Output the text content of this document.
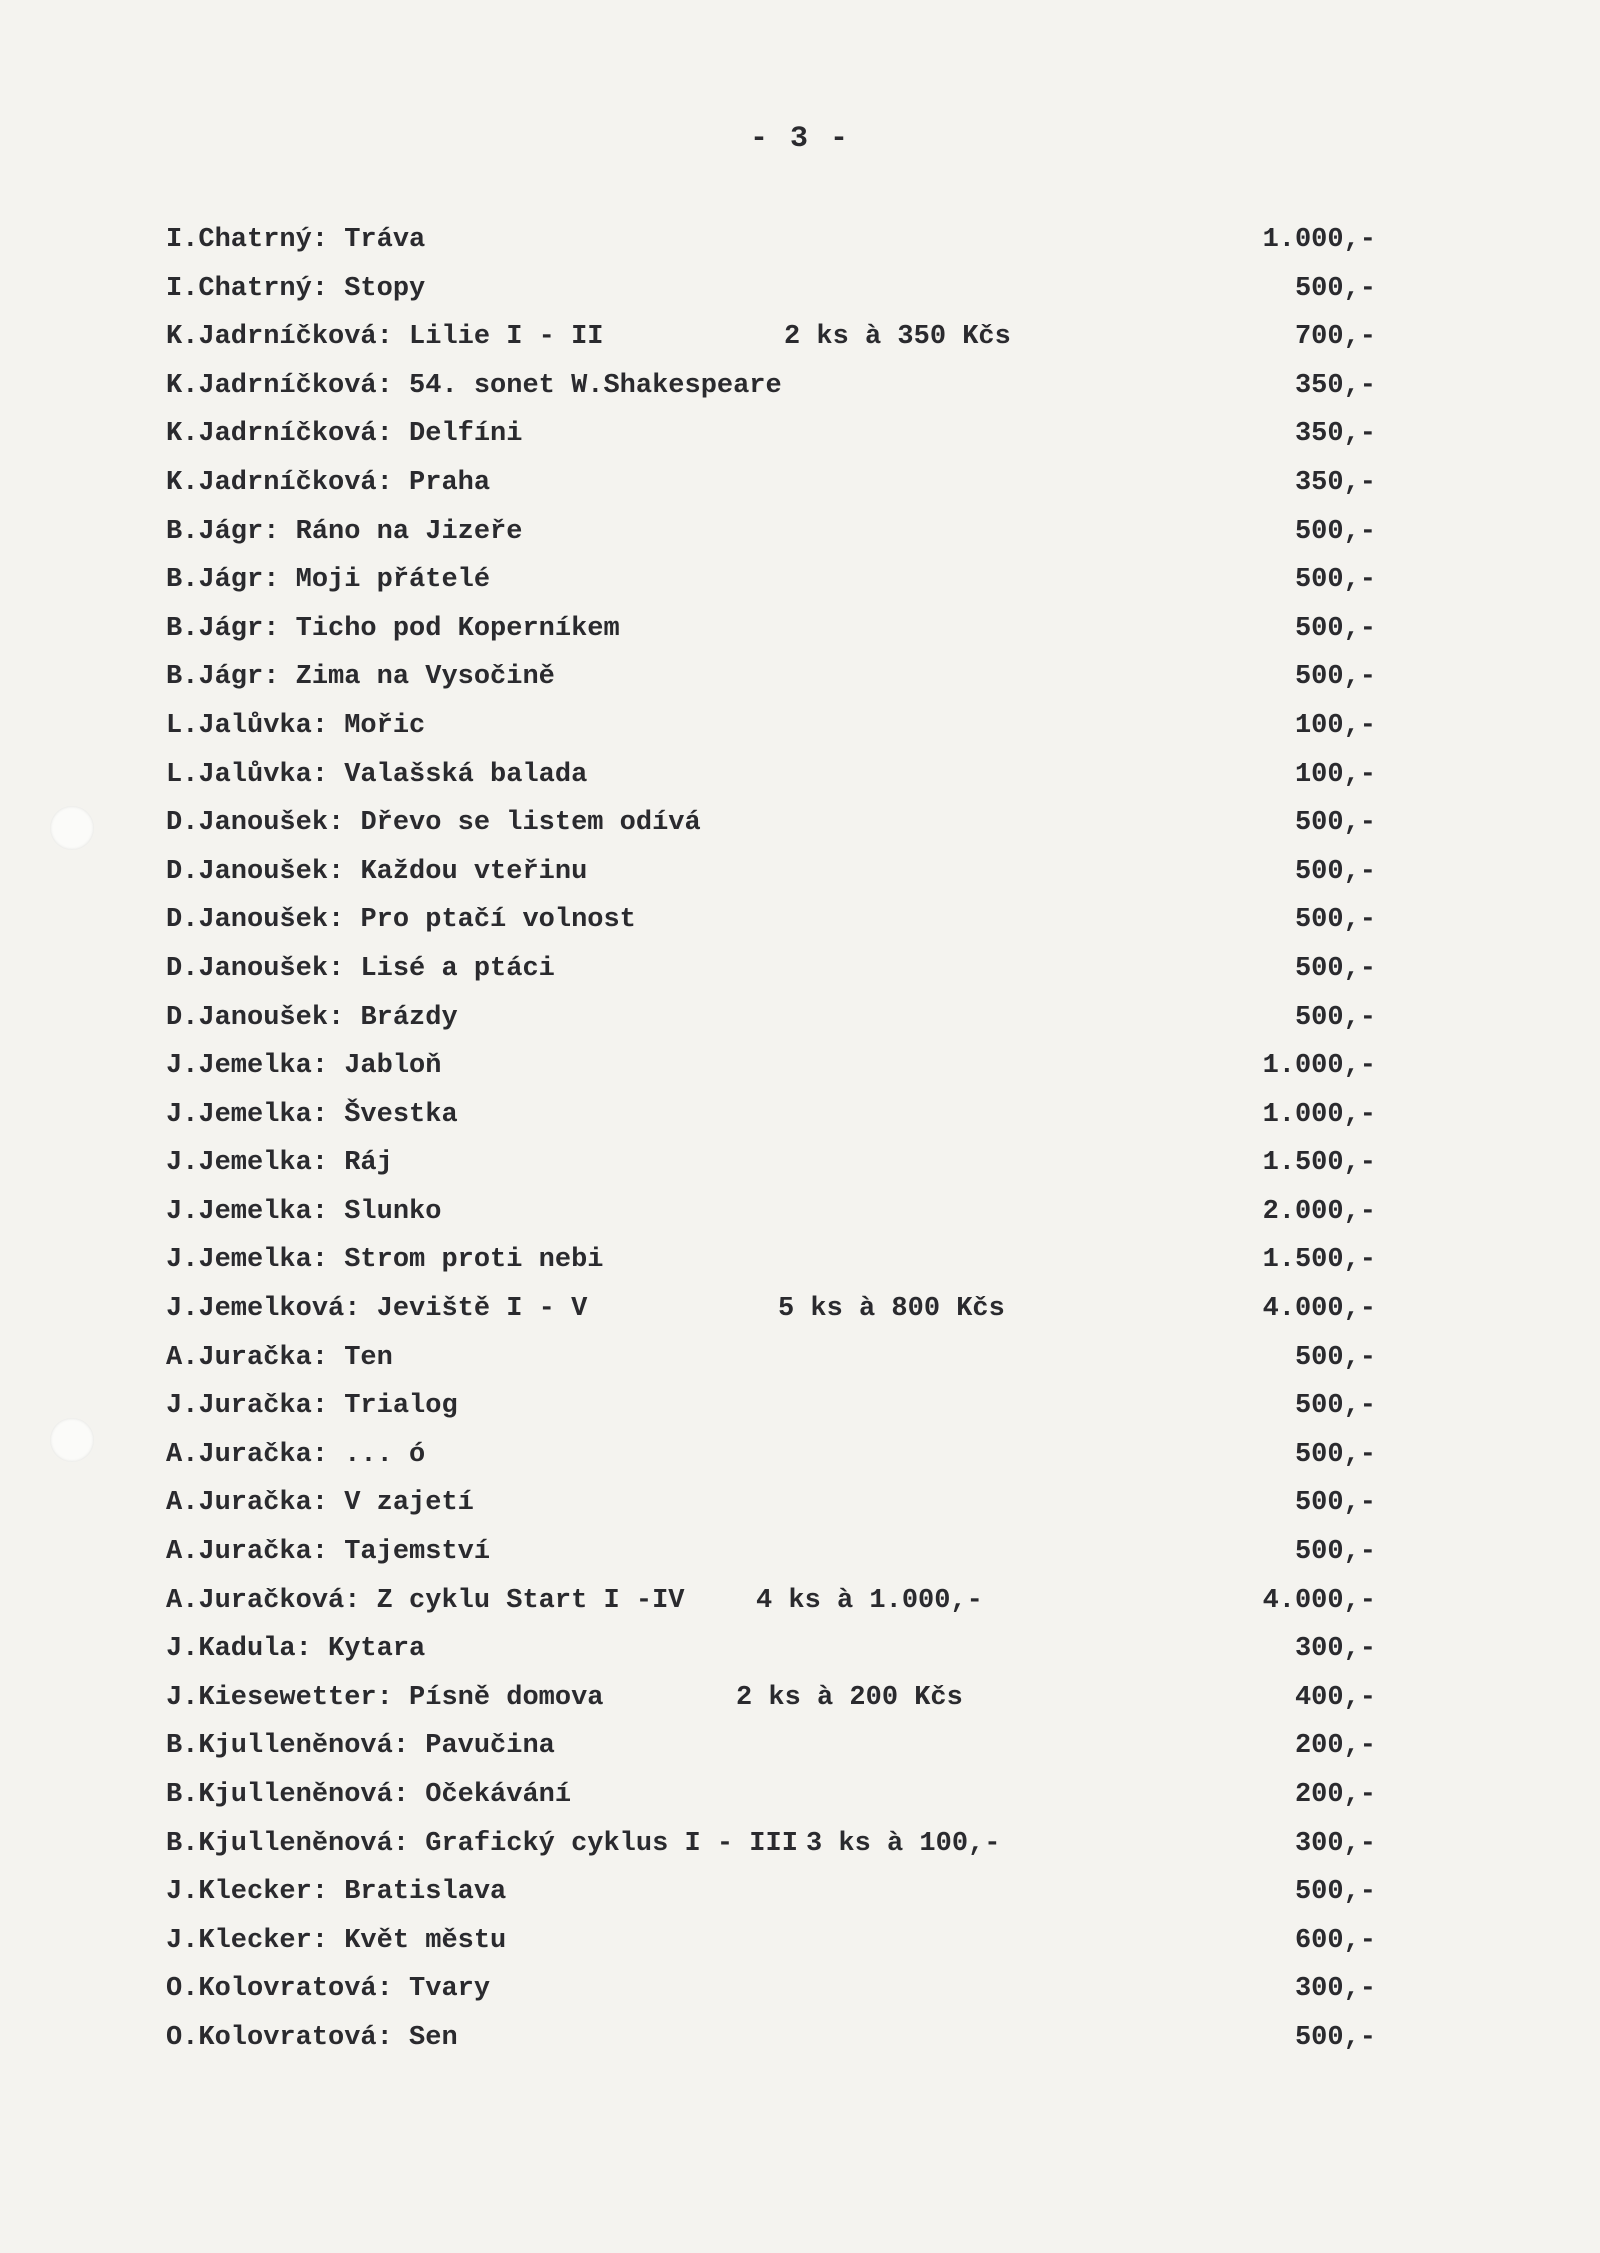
- 3 -
I.Chatrný: Tráva	1.000,-
I.Chatrný: Stopy	500,-
K.Jadrníčková: Lilie I - II	2 ks à 350 Kčs	700,-
K.Jadrníčková: 54. sonet W.Shakespeare	350,-
K.Jadrníčková: Delfíni	350,-
K.Jadrníčková: Praha	350,-
B.Jágr: Ráno na Jizeře	500,-
B.Jágr: Moji přátelé	500,-
B.Jágr: Ticho pod Koperníkem	500,-
B.Jágr: Zima na Vysočině	500,-
L.Jalůvka: Mořic	100,-
L.Jalůvka: Valašská balada	100,-
D.Janoušek: Dřevo se listem odívá	500,-
D.Janoušek: Každou vteřinu	500,-
D.Janoušek: Pro ptačí volnost	500,-
D.Janoušek: Lisé a ptáci	500,-
D.Janoušek: Brázdy	500,-
J.Jemelka: Jabloň	1.000,-
J.Jemelka: Švestka	1.000,-
J.Jemelka: Ráj	1.500,-
J.Jemelka: Slunko	2.000,-
J.Jemelka: Strom proti nebi	1.500,-
J.Jemelková: Jeviště I - V	5 ks à 800 Kčs	4.000,-
A.Juračka: Ten	500,-
J.Juračka: Trialog	500,-
A.Juračka: ... ó	500,-
A.Juračka: V zajetí	500,-
A.Juračka: Tajemství	500,-
A.Juračková: Z cyklu Start I -IV	4 ks à 1.000,-	4.000,-
J.Kadula: Kytara	300,-
J.Kiesewetter: Písně domova	2 ks à 200 Kčs	400,-
B.Kjulleněnová: Pavučina	200,-
B.Kjulleněnová: Očekávání	200,-
B.Kjulleněnová: Grafický cyklus I - III 3 ks à 100,-	300,-
J.Klecker: Bratislava	500,-
J.Klecker: Květ městu	600,-
O.Kolovratová: Tvary	300,-
O.Kolovratová: Sen	500,-
